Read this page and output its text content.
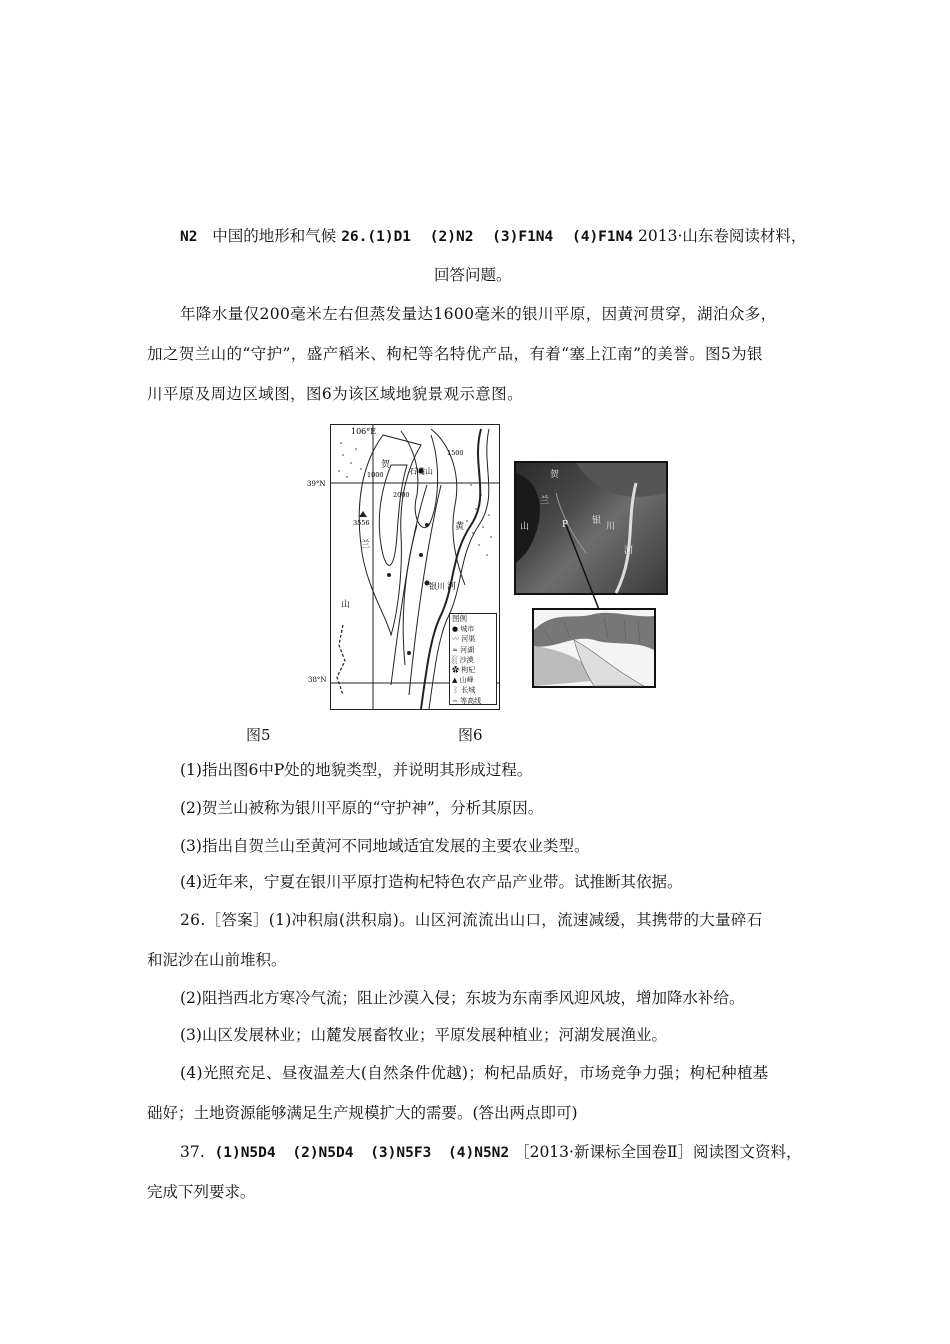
N2 中国的地形和气候 26.(1)D1 (2)N2 (3)F1N4 (4)F1N4 2013·山东卷阅读材料，
回答问题。
年降水量仅200毫米左右但蒸发量达1600毫米的银川平原，因黄河贯穿，湖泊众多，
加之贺兰山的“守护”，盛产稻米、枸杞等名特优产品，有着“塞上江南”的美誉。图5为银
川平原及周边区域图，图6为该区域地貌景观示意图。
106°E
39°N
贺
兰
山
石嘴山
银川
黄
河
1000
2000
3556
1500
图例
● 城市
〰 河渠
≈ 河湖
░ 沙漠
✿ 枸杞
▲ 山峰
⌇ 长城
∽ 等高线
38°N
贺
兰
山	P	银
川
河
图5	图6
(1)指出图6中P处的地貌类型，并说明其形成过程。
(2)贺兰山被称为银川平原的“守护神”，分析其原因。
(3)指出自贺兰山至黄河不同地域适宜发展的主要农业类型。
(4)近年来，宁夏在银川平原打造枸杞特色农产品产业带。试推断其依据。
26.［答案］(1)冲积扇(洪积扇)。山区河流流出山口，流速减缓，其携带的大量碎石
和泥沙在山前堆积。
(2)阻挡西北方寒冷气流；阻止沙漠入侵；东坡为东南季风迎风坡，增加降水补给。
(3)山区发展林业；山麓发展畜牧业；平原发展种植业；河湖发展渔业。
(4)光照充足、昼夜温差大(自然条件优越)；枸杞品质好，市场竞争力强；枸杞种植基
础好；土地资源能够满足生产规模扩大的需要。(答出两点即可)
37. (1)N5D4 (2)N5D4 (3)N5F3 (4)N5N2 ［2013·新课标全国卷Ⅱ］阅读图文资料，
完成下列要求。
